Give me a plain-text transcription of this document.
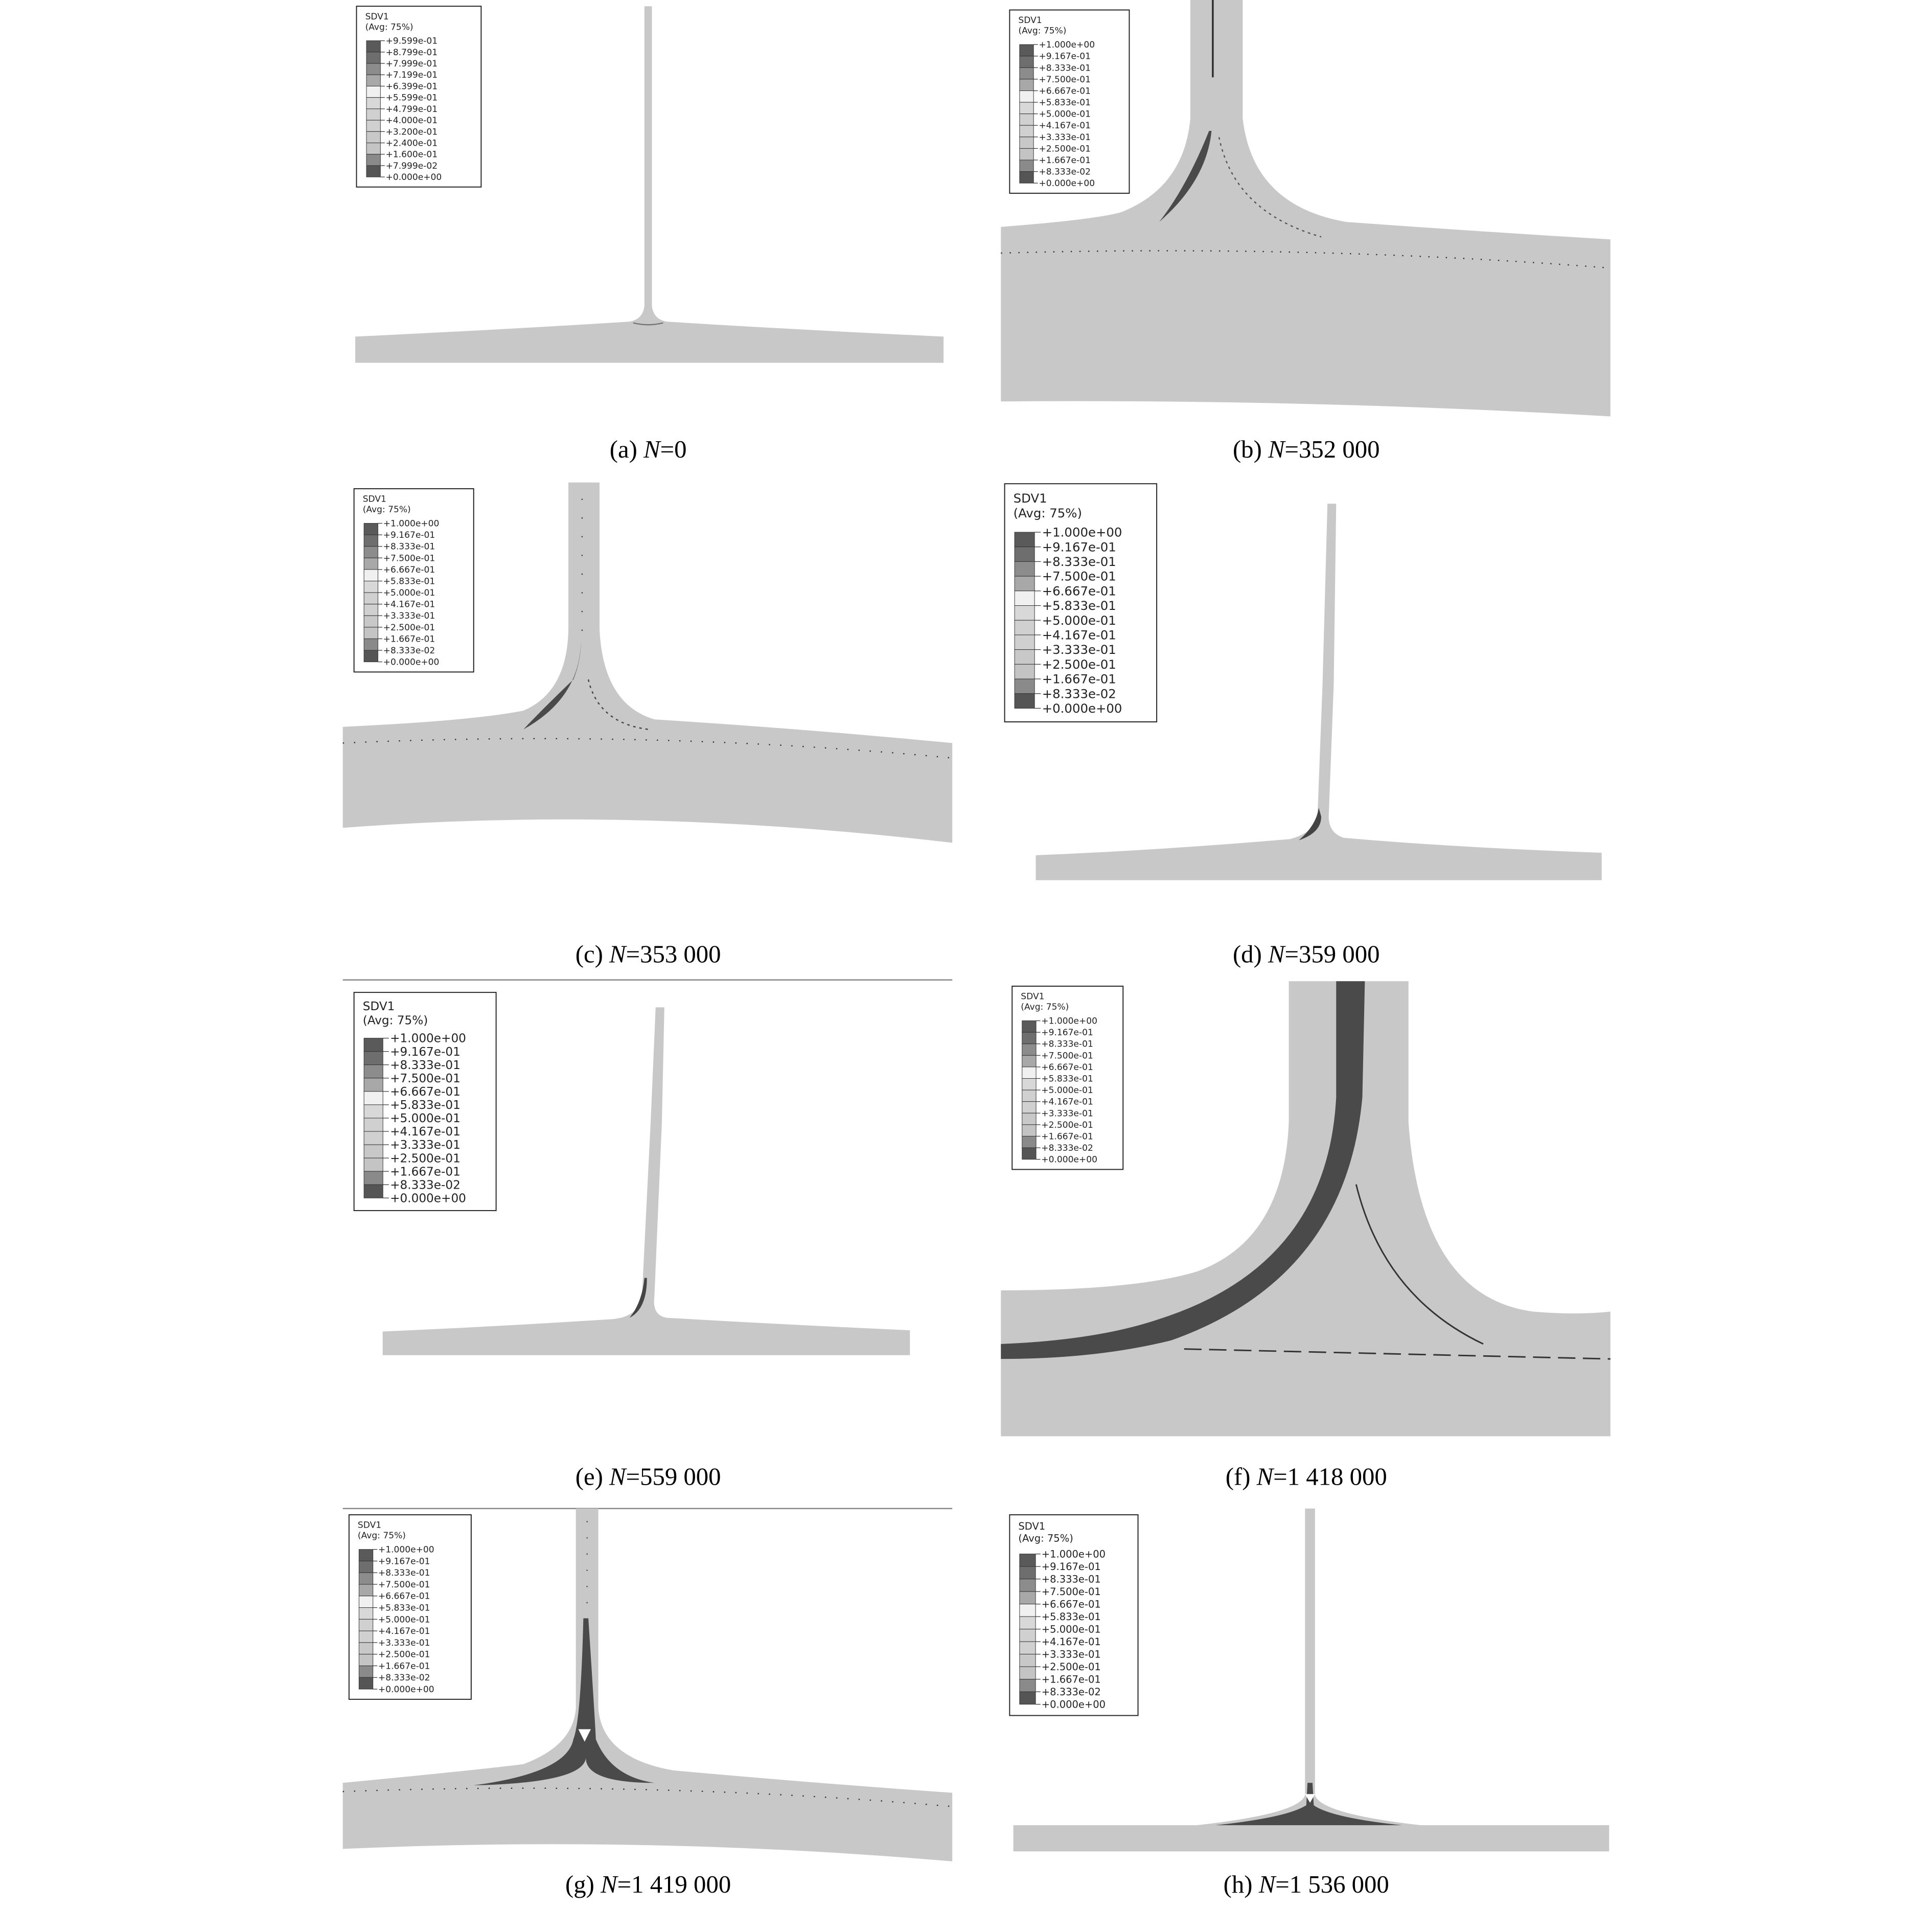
SDV1
(Avg: 75%)
+9.599e-01
+8.799e-01
+7.999e-01
+7.199e-01
+6.399e-01
+5.599e-01
+4.799e-01
+4.000e-01
+3.200e-01
+2.400e-01
+1.600e-01
+7.999e-02
+0.000e+00
(a) N=0
SDV1
(Avg: 75%)
+1.000e+00
+9.167e-01
+8.333e-01
+7.500e-01
+6.667e-01
+5.833e-01
+5.000e-01
+4.167e-01
+3.333e-01
+2.500e-01
+1.667e-01
+8.333e-02
+0.000e+00
(b) N=352 000
SDV1
(Avg: 75%)
+1.000e+00
+9.167e-01
+8.333e-01
+7.500e-01
+6.667e-01
+5.833e-01
+5.000e-01
+4.167e-01
+3.333e-01
+2.500e-01
+1.667e-01
+8.333e-02
+0.000e+00
(c) N=353 000
SDV1
(Avg: 75%)
+1.000e+00
+9.167e-01
+8.333e-01
+7.500e-01
+6.667e-01
+5.833e-01
+5.000e-01
+4.167e-01
+3.333e-01
+2.500e-01
+1.667e-01
+8.333e-02
+0.000e+00
(d) N=359 000
SDV1
(Avg: 75%)
+1.000e+00
+9.167e-01
+8.333e-01
+7.500e-01
+6.667e-01
+5.833e-01
+5.000e-01
+4.167e-01
+3.333e-01
+2.500e-01
+1.667e-01
+8.333e-02
+0.000e+00
(e) N=559 000
SDV1
(Avg: 75%)
+1.000e+00
+9.167e-01
+8.333e-01
+7.500e-01
+6.667e-01
+5.833e-01
+5.000e-01
+4.167e-01
+3.333e-01
+2.500e-01
+1.667e-01
+8.333e-02
+0.000e+00
(f) N=1 418 000
SDV1
(Avg: 75%)
+1.000e+00
+9.167e-01
+8.333e-01
+7.500e-01
+6.667e-01
+5.833e-01
+5.000e-01
+4.167e-01
+3.333e-01
+2.500e-01
+1.667e-01
+8.333e-02
+0.000e+00
(g) N=1 419 000
SDV1
(Avg: 75%)
+1.000e+00
+9.167e-01
+8.333e-01
+7.500e-01
+6.667e-01
+5.833e-01
+5.000e-01
+4.167e-01
+3.333e-01
+2.500e-01
+1.667e-01
+8.333e-02
+0.000e+00
(h) N=1 536 000
